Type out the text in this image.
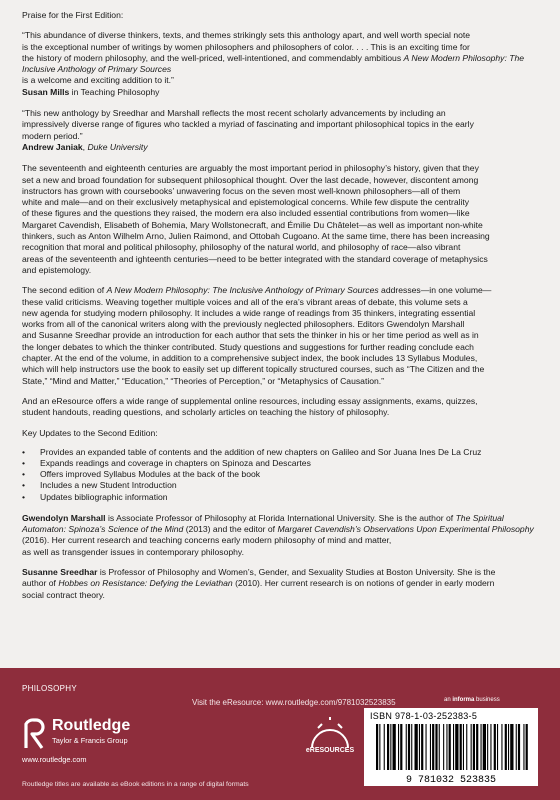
Praise for the First Edition:

“This abundance of diverse thinkers, texts, and themes strikingly sets this anthology apart, and well worth special note

is the exceptional number of writings by women philosophers and philosophers of color. . . . This is an exciting time for

the history of modern philosophy, and the well-priced, well-intentioned, and commendably ambitious A New Modern Philosophy: The Inclusive Anthology of Primary Sources

is a welcome and exciting addition to it.”

Susan Mills in Teaching Philosophy

“This new anthology by Sreedhar and Marshall reflects the most recent scholarly advancements by including an

impressively diverse range of figures who tackled a myriad of fascinating and important philosophical topics in the early

modern period.”

Andrew Janiak, Duke University

The seventeenth and eighteenth centuries are arguably the most important period in philosophy’s history, given that they
set a new and broad foundation for subsequent philosophical thought. Over the last decade, however, discontent among
instructors has grown with coursebooks’ unwavering focus on the seven most well-known philosophers—all of them
white and male—and on their exclusively metaphysical and epistemological concerns. While few dispute the centrality
of these figures and the questions they raised, the modern era also included essential contributions from women—like
Margaret Cavendish, Elisabeth of Bohemia, Mary Wollstonecraft, and Émilie Du Châtelet—as well as important non-white
thinkers, such as Anton Wilhelm Arno, Julien Raimond, and Ottobah Cugoano. At the same time, there has been increasing
recognition that moral and political philosophy, philosophy of the natural world, and philosophy of race—also vibrant
areas of the seventeenth and ighteenth centuries—need to be better integrated with the standard coverage of metaphysics
and epistemology.
The second edition of A New Modern Philosophy: The Inclusive Anthology of Primary Sources addresses—in one volume—
these valid criticisms. Weaving together multiple voices and all of the era’s vibrant areas of debate, this volume sets a
new agenda for studying modern philosophy. It includes a wide range of readings from 35 thinkers, integrating essential
works from all of the canonical writers along with the previously neglected philosophers. Editors Gwendolyn Marshall
and Susanne Sreedhar provide an introduction for each author that sets the thinker in his or her time period as well as in
the longer debates to which the thinker contributed. Study questions and suggestions for further reading conclude each
chapter. At the end of the volume, in addition to a comprehensive subject index, the book includes 13 Syllabus Modules,
which will help instructors use the book to easily set up different topically structured courses, such as “The Citizen and the
State,” “Mind and Matter,” “Education,” “Theories of Perception,” or “Metaphysics of Causation.”
And an eResource offers a wide range of supplemental online resources, including essay assignments, exams, quizzes,
student handouts, reading questions, and scholarly articles on teaching the history of philosophy.

Key Updates to the Second Edition:

• Provides an expanded table of contents and the addition of new chapters on Galileo and Sor Juana Ines De La Cruz
• Expands readings and coverage in chapters on Spinoza and Descartes
• Offers improved Syllabus Modules at the back of the book
• Includes a new Student Introduction
• Updates bibliographic information
Gwendolyn Marshall is Associate Professor of Philosophy at Florida International University. She is the author of The Spiritual Automaton: Spinoza’s Science of the Mind (2013) and the editor of Margaret Cavendish’s Observations Upon Experimental Philosophy (2016). Her current research and teaching concerns early modern philosophy of mind and matter,
as well as transgender issues in contemporary philosophy.
Susanne Sreedhar is Professor of Philosophy and Women’s, Gender, and Sexuality Studies at Boston University. She is the
author of Hobbes on Resistance: Defying the Leviathan (2010). Her current research is on notions of gender in early modern
social contract theory.
PHILOSOPHY
Visit the eResource: www.routledge.com/9781032523835
Routledge
Taylor & Francis Group
www.routledge.com
eRESOURCES
an informa business
ISBN 978-1-03-252383-5
9 781032 523835
Routledge titles are available as eBook editions in a range of digital formats
